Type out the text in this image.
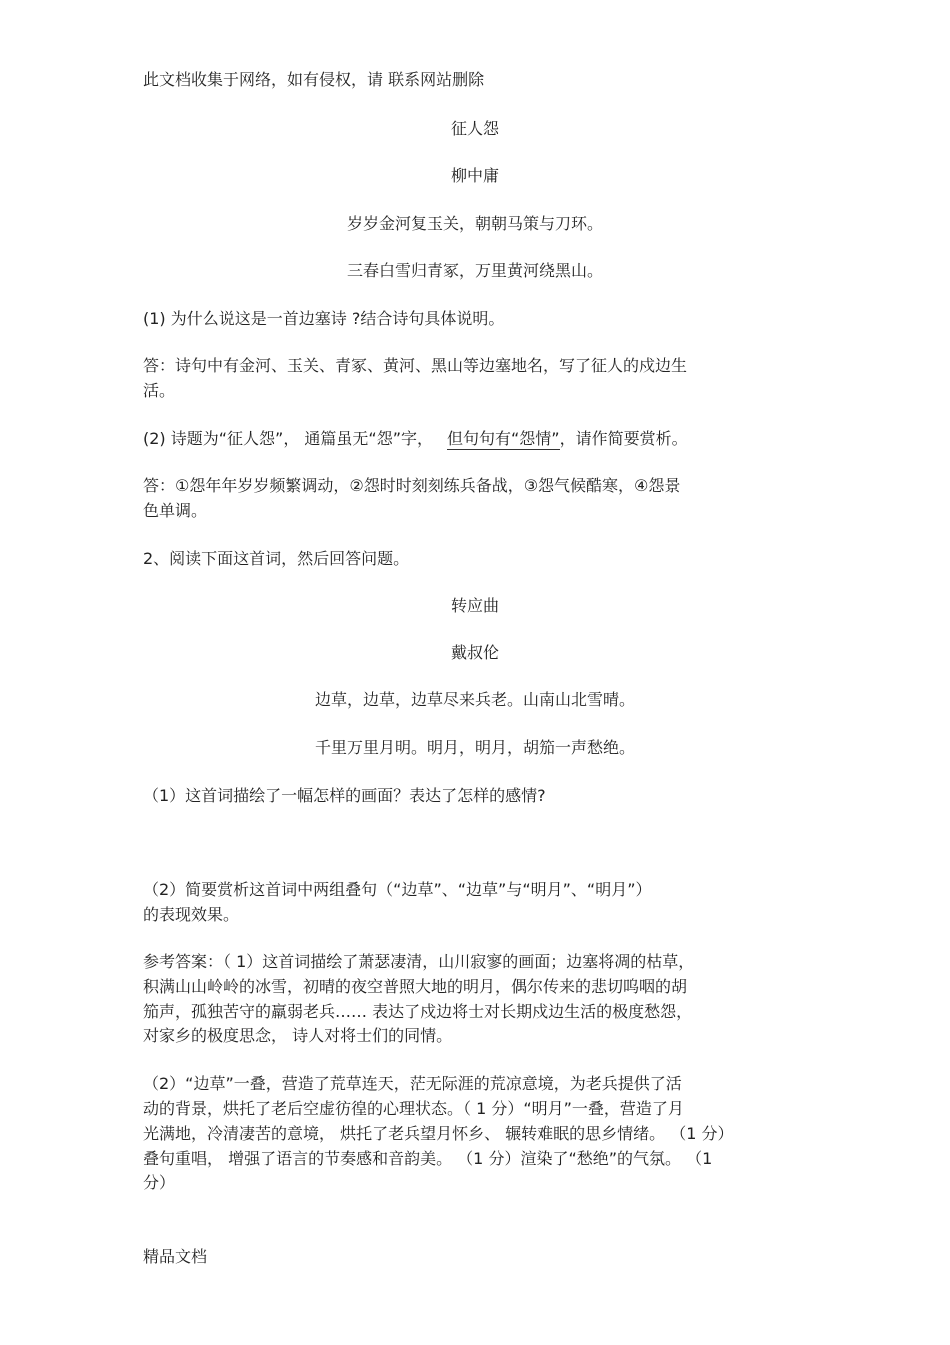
此文档收集于网络，如有侵权，请 联系网站删除

征人怨

柳中庸

岁岁金河复玉关，朝朝马策与刀环。

三春白雪归青冢，万里黄河绕黑山。

(1) 为什么说这是一首边塞诗 ?结合诗句具体说明。

答：诗句中有金河、玉关、青冢、黄河、黑山等边塞地名，写了征人的戍边生

活。

(2) 诗题为“征人怨”， 通篇虽无“怨”字， 但句句有“怨情”，请作简要赏析。

答：①怨年年岁岁频繁调动，②怨时时刻刻练兵备战，③怨气候酷寒，④怨景

色单调。

2、阅读下面这首词，然后回答问题。

转应曲

戴叔伦

边草，边草，边草尽来兵老。山南山北雪晴。

千里万里月明。明月，明月，胡笳一声愁绝。

（1）这首词描绘了一幅怎样的画面？表达了怎样的感情?

（2）简要赏析这首词中两组叠句（“边草”、“边草”与“明月”、“明月”）

的表现效果。

参考答案：（ 1）这首词描绘了萧瑟凄清，山川寂寥的画面；边塞将凋的枯草，

积满山山岭岭的冰雪，初晴的夜空普照大地的明月，偶尔传来的悲切呜咽的胡

笳声，孤独苦守的羸弱老兵…… 表达了戍边将士对长期戍边生活的极度愁怨，

对家乡的极度思念， 诗人对将士们的同情。

（2）“边草”一叠，营造了荒草连天，茫无际涯的荒凉意境，为老兵提供了活

动的背景，烘托了老后空虚彷徨的心理状态。（ 1 分）“明月”一叠，营造了月

光满地，冷清凄苦的意境， 烘托了老兵望月怀乡、 辗转难眠的思乡情绪。 （1 分）

叠句重唱， 增强了语言的节奏感和音韵美。 （1 分）渲染了“愁绝”的气氛。 （1

分）

精品文档
